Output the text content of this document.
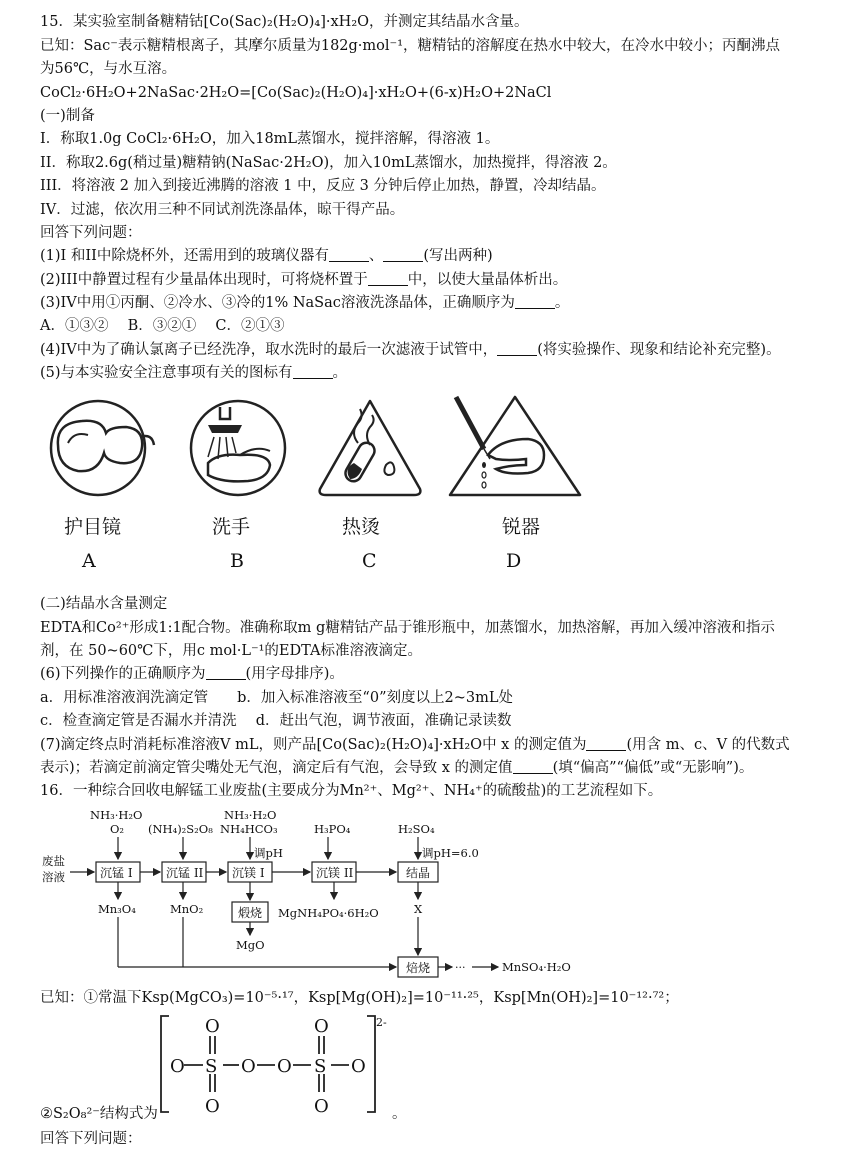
15．某实验室制备糖精钴[Co(Sac)₂(H₂O)₄]·xH₂O，并测定其结晶水含量。
已知：Sac⁻表示糖精根离子，其摩尔质量为182g·mol⁻¹，糖精钴的溶解度在热水中较大，在冷水中较小；丙酮沸点
为56℃，与水互溶。
CoCl₂·6H₂O+2NaSac·2H₂O=[Co(Sac)₂(H₂O)₄]·xH₂O+(6-x)H₂O+2NaCl
(一)制备
I．称取1.0g CoCl₂·6H₂O，加入18mL蒸馏水，搅拌溶解，得溶液 1。
II．称取2.6g(稍过量)糖精钠(NaSac·2H₂O)，加入10mL蒸馏水，加热搅拌，得溶液 2。
III．将溶液 2 加入到接近沸腾的溶液 1 中，反应 3 分钟后停止加热，静置，冷却结晶。
IV．过滤，依次用三种不同试剂洗涤晶体，晾干得产品。
回答下列问题：
(1)I 和II中除烧杯外，还需用到的玻璃仪器有	、	(写出两种)
(2)III中静置过程有少量晶体出现时，可将烧杯置于	中，以使大量晶体析出。
(3)IV中用①丙酮、②冷水、③冷的1% NaSac溶液洗涤晶体，正确顺序为	。
A．①③②　 B．③②①　 C．②①③
(4)IV中为了确认氯离子已经洗净，取水洗时的最后一次滤液于试管中，	(将实验操作、现象和结论补充完整)。
(5)与本实验安全注意事项有关的图标有	。
护目镜	洗手	热烫	锐器
A	B	C	D
(二)结晶水含量测定
EDTA和Co²⁺形成1:1配合物。准确称取m g糖精钴产品于锥形瓶中，加蒸馏水，加热溶解，再加入缓冲溶液和指示
剂，在 50~60℃下，用c mol·L⁻¹的EDTA标准溶液滴定。
(6)下列操作的正确顺序为	(用字母排序)。
a．用标准溶液润洗滴定管　　b．加入标准溶液至“0”刻度以上2~3mL处
c．检查滴定管是否漏水并清洗　 d．赶出气泡，调节液面，准确记录读数
(7)滴定终点时消耗标准溶液V mL，则产品[Co(Sac)₂(H₂O)₄]·xH₂O中 x 的测定值为	(用含 m、c、V 的代数式
表示)；若滴定前滴定管尖嘴处无气泡，滴定后有气泡，会导致 x 的测定值	(填“偏高”“偏低”或“无影响”)。
16．一种综合回收电解锰工业废盐(主要成分为Mn²⁺、Mg²⁺、NH₄⁺的硫酸盐)的工艺流程如下。
NH₃·H₂O
O₂ (NH₄)₂S₂O₈
NH₃·H₂O
NH₄HCO₃	H₃PO₄	H₂SO₄
调pH	调pH=6.0
废盐
溶液	沉锰 I	沉锰 II 沉镁 I	沉镁 II	结晶
煅烧
焙烧
Mn₃O₄	MnO₂	MgNH₄PO₄·6H₂O	X
MgO
···	MnSO₄·H₂O
已知：①常温下Ksp(MgCO₃)=10⁻⁵·¹⁷，Ksp[Mg(OH)₂]=10⁻¹¹·²⁵，Ksp[Mn(OH)₂]=10⁻¹²·⁷²；
O
O
O
O
O S O O S O
2-
②S₂O₈²⁻结构式为	。
回答下列问题：
